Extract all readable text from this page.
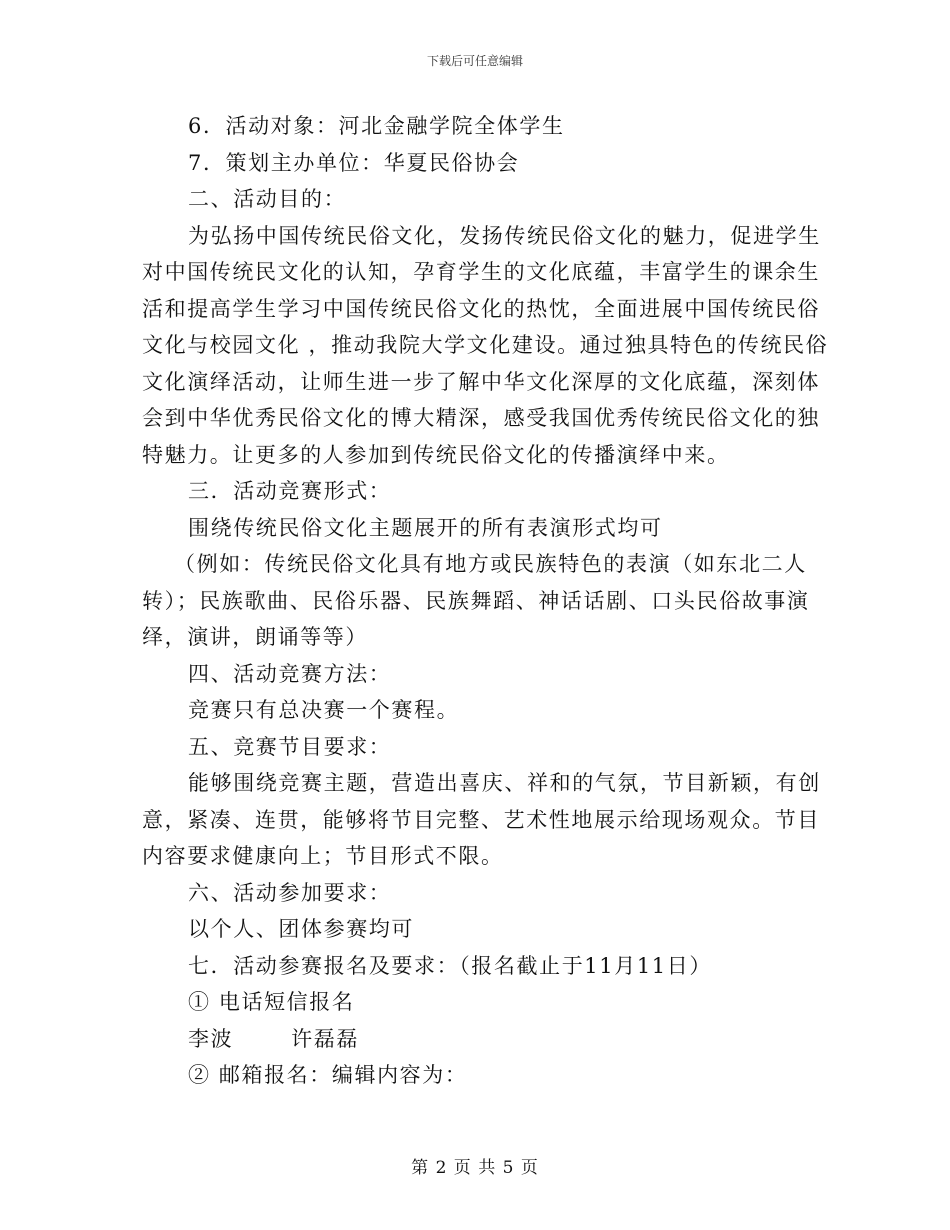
下载后可任意编辑

6．活动对象：河北金融学院全体学生

7．策划主办单位：华夏民俗协会

二、活动目的：

为弘扬中国传统民俗文化，发扬传统民俗文化的魅力，促进学生

对中国传统民文化的认知，孕育学生的文化底蕴，丰富学生的课余生

活和提高学生学习中国传统民俗文化的热忱，全面进展中国传统民俗

文化与校园文化 ，推动我院大学文化建设。通过独具特色的传统民俗

文化演绎活动，让师生进一步了解中华文化深厚的文化底蕴，深刻体

会到中华优秀民俗文化的博大精深，感受我国优秀传统民俗文化的独

特魅力。让更多的人参加到传统民俗文化的传播演绎中来。

三．活动竞赛形式：

围绕传统民俗文化主题展开的所有表演形式均可

（例如：传统民俗文化具有地方或民族特色的表演（如东北二人

转）；民族歌曲、民俗乐器、民族舞蹈、神话话剧、口头民俗故事演

绎，演讲，朗诵等等）

四、活动竞赛方法：

竞赛只有总决赛一个赛程。

五、竞赛节目要求：

能够围绕竞赛主题，营造出喜庆、祥和的气氛，节目新颖，有创

意，紧凑、连贯，能够将节目完整、艺术性地展示给现场观众。节目

内容要求健康向上；节目形式不限。

六、活动参加要求：

以个人、团体参赛均可

七．活动参赛报名及要求：（报名截止于11月11日）

① 电话短信报名

李波       许磊磊

② 邮箱报名：编辑内容为：

第 2 页 共 5 页
